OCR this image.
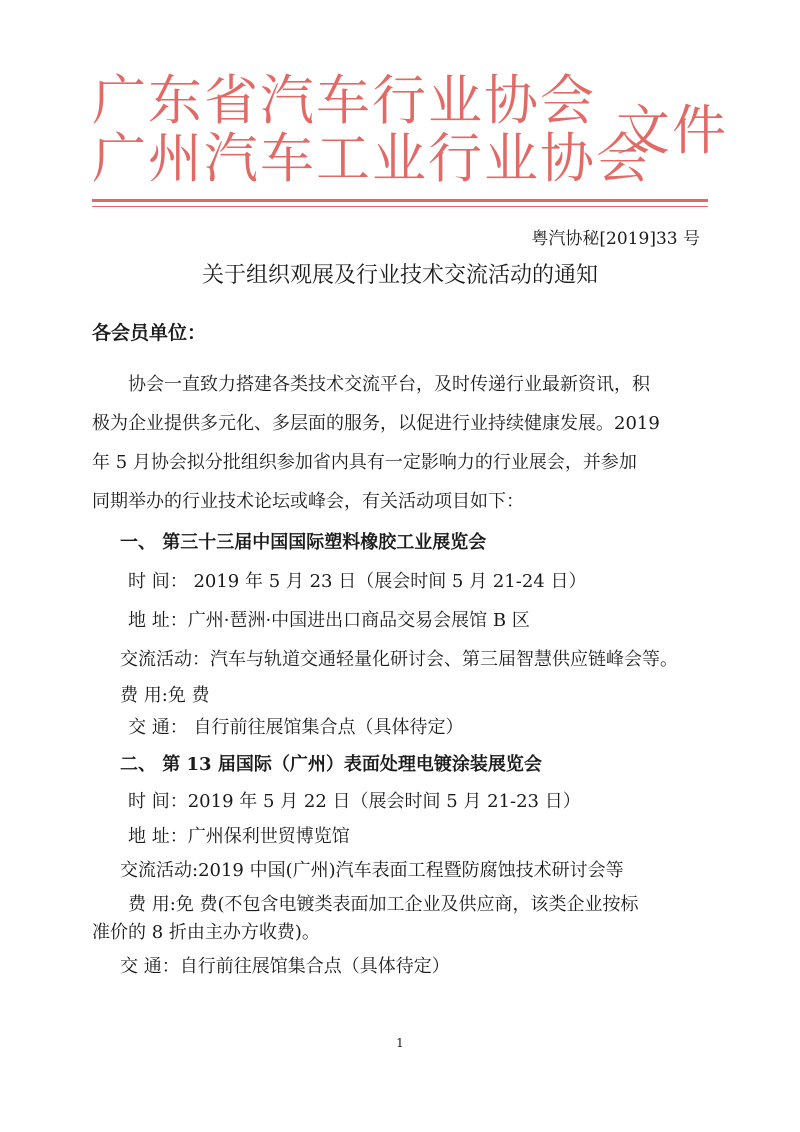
广东省汽车行业协会
广州汽车工业行业协会
文件
粤汽协秘[2019]33 号
关于组织观展及行业技术交流活动的通知
各会员单位：
协会一直致力搭建各类技术交流平台，及时传递行业最新资讯，积
极为企业提供多元化、多层面的服务，以促进行业持续健康发展。2019
年 5 月协会拟分批组织参加省内具有一定影响力的行业展会，并参加
同期举办的行业技术论坛或峰会，有关活动项目如下：
一、 第三十三届中国国际塑料橡胶工业展览会
时 间： 2019 年 5 月 23 日（展会时间 5 月 21-24 日）
地 址：广州·琶洲·中国进出口商品交易会展馆 B 区
交流活动：汽车与轨道交通轻量化研讨会、第三届智慧供应链峰会等。
费 用:免 费
交 通： 自行前往展馆集合点（具体待定）
二、 第 13 届国际（广州）表面处理电镀涂装展览会
时 间：2019 年 5 月 22 日（展会时间 5 月 21-23 日）
地 址：广州保利世贸博览馆
交流活动:2019 中国(广州)汽车表面工程暨防腐蚀技术研讨会等
费 用:免 费(不包含电镀类表面加工企业及供应商，该类企业按标
准价的 8 折由主办方收费)。
交 通：自行前往展馆集合点（具体待定）
1
